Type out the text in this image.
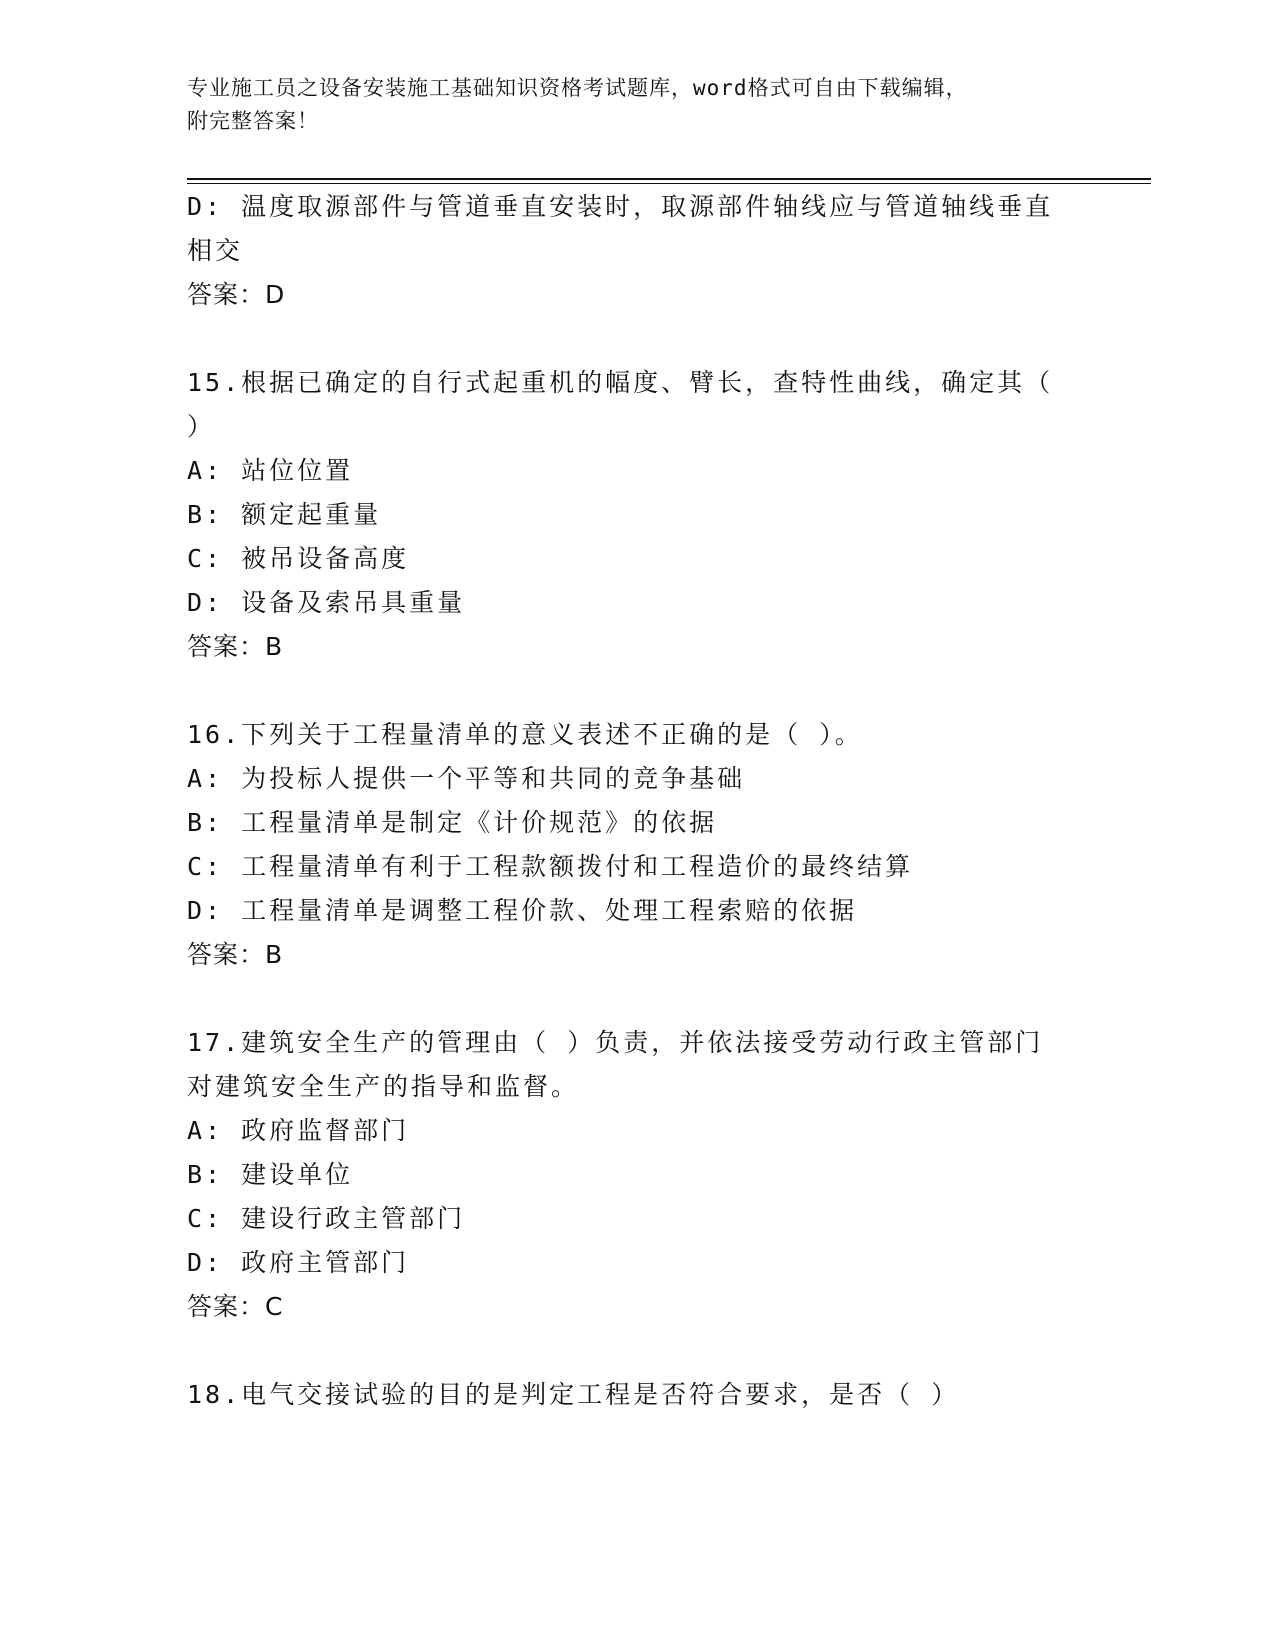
专业施工员之设备安装施工基础知识资格考试题库，word格式可自由下载编辑，
附完整答案！
D: 温度取源部件与管道垂直安装时，取源部件轴线应与管道轴线垂直
相交
答案：D
15.根据已确定的自行式起重机的幅度、臂长，查特性曲线，确定其（
）
A: 站位位置
B: 额定起重量
C: 被吊设备高度
D: 设备及索吊具重量
答案：B
16.下列关于工程量清单的意义表述不正确的是（ ）。
A: 为投标人提供一个平等和共同的竞争基础
B: 工程量清单是制定《计价规范》的依据
C: 工程量清单有利于工程款额拨付和工程造价的最终结算
D: 工程量清单是调整工程价款、处理工程索赔的依据
答案：B
17.建筑安全生产的管理由（ ）负责，并依法接受劳动行政主管部门
对建筑安全生产的指导和监督。
A: 政府监督部门
B: 建设单位
C: 建设行政主管部门
D: 政府主管部门
答案：C
18.电气交接试验的目的是判定工程是否符合要求，是否（ ）
